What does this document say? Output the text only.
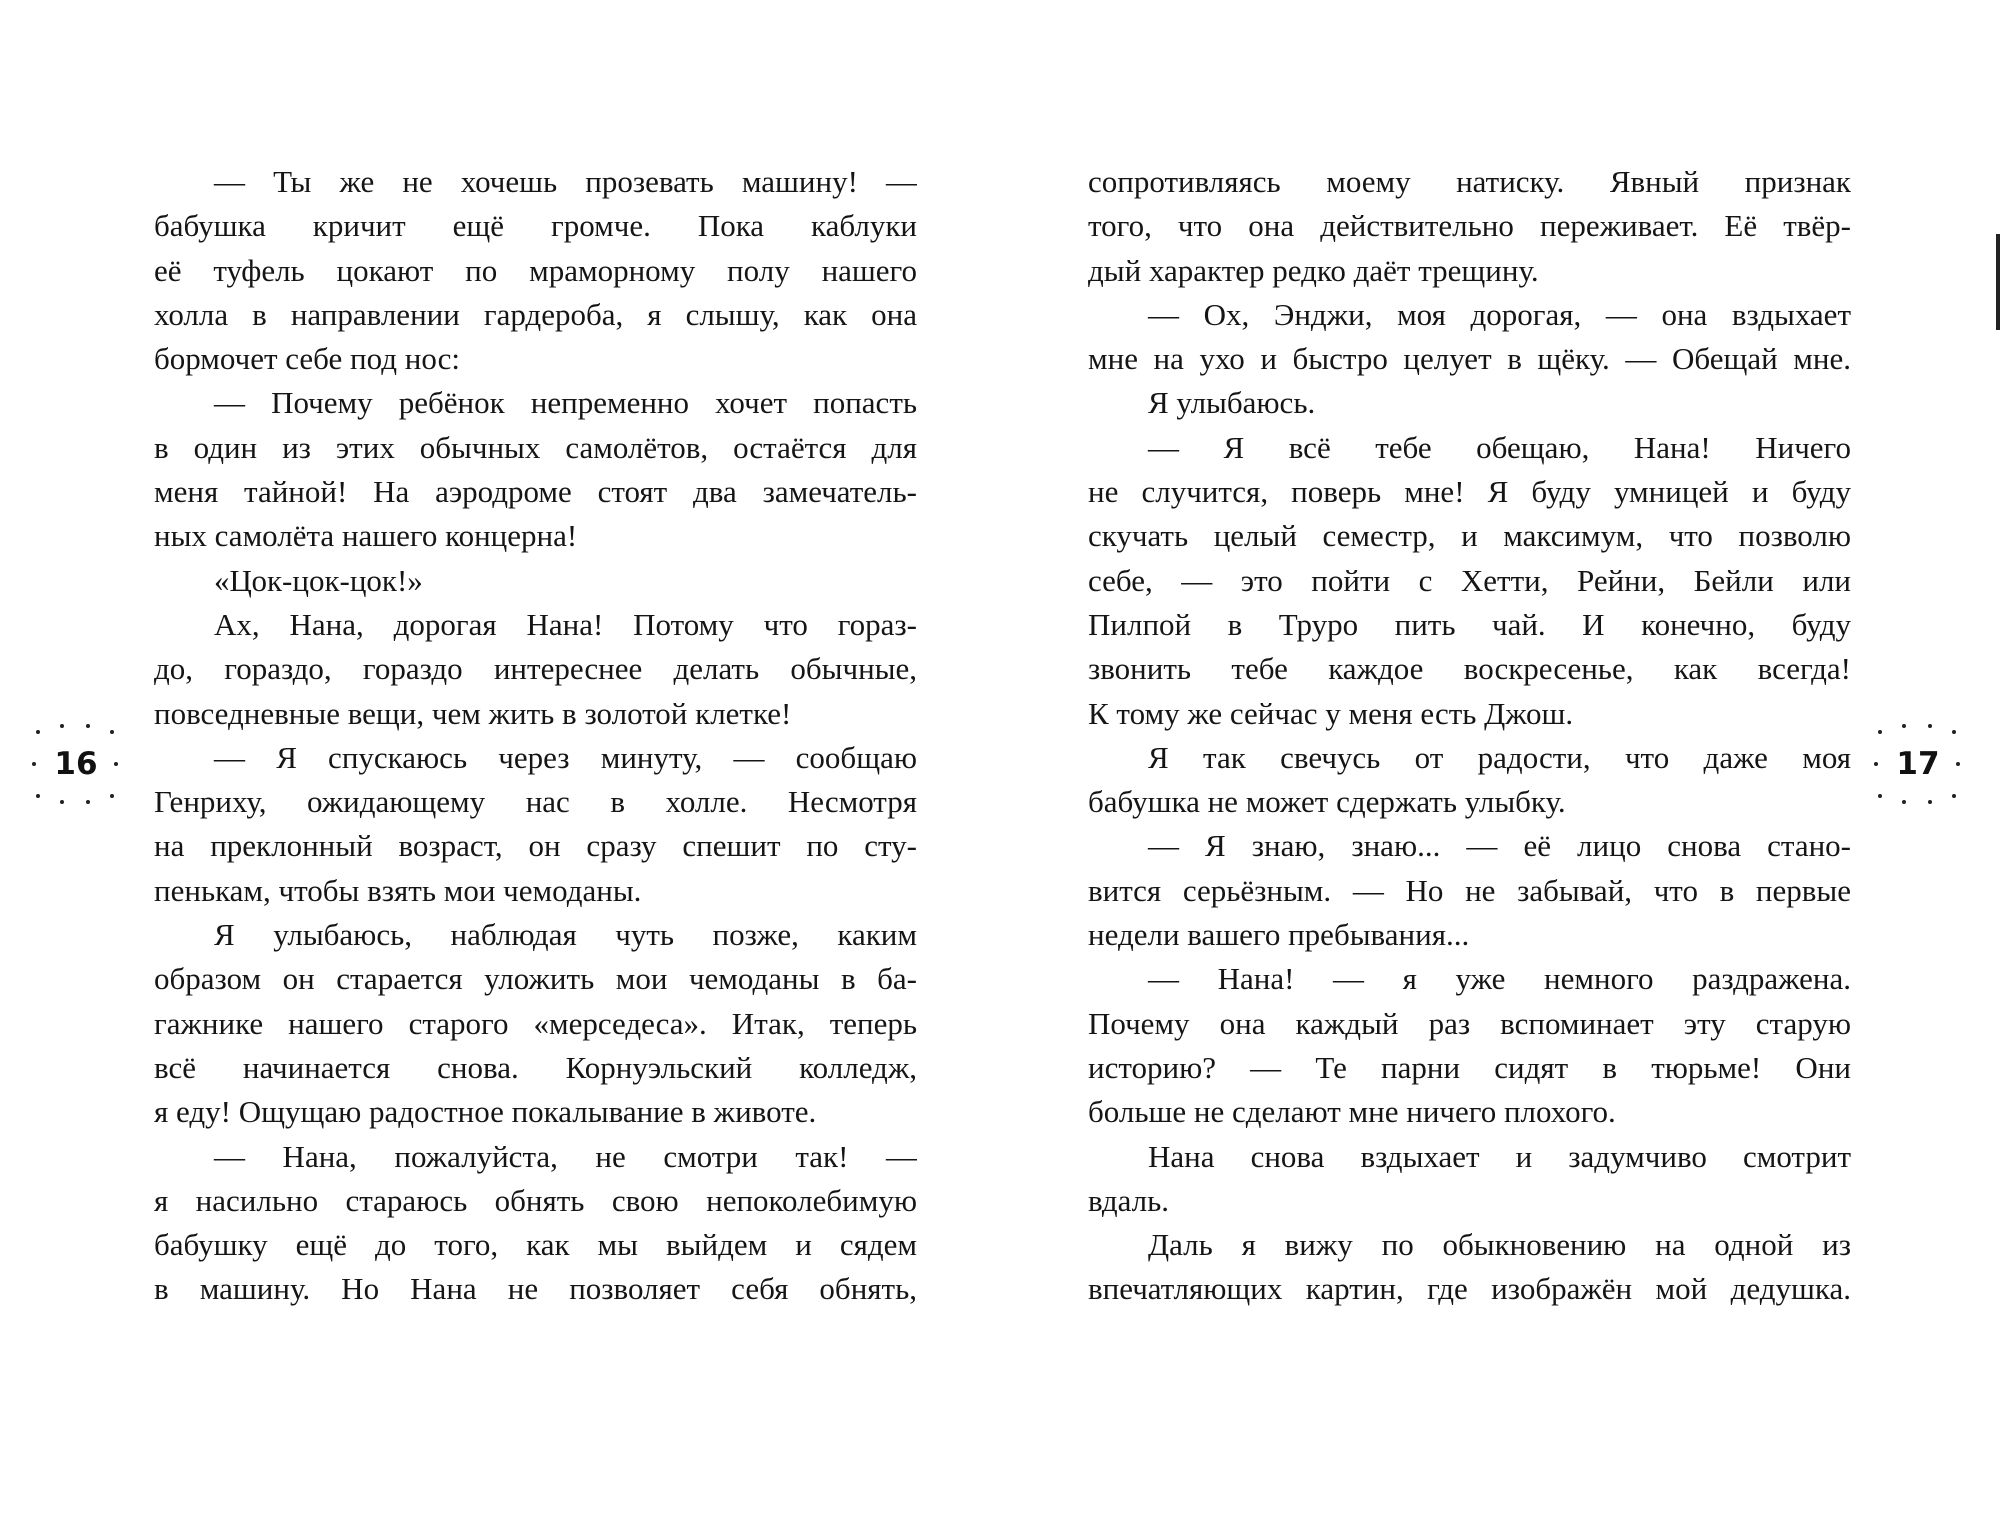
— Ты же не хочешь прозевать машину! —
бабушка кричит ещё громче. Пока каблуки
её туфель цокают по мраморному полу нашего
холла в направлении гардероба, я слышу, как она
бормочет себе под нос:
— Почему ребёнок непременно хочет попасть
в один из этих обычных самолётов, остаётся для
меня тайной! На аэродроме стоят два замечатель-
ных самолёта нашего концерна!
«Цок-цок-цок!»
Ах, Нана, дорогая Нана! Потому что гораз-
до, гораздо, гораздо интереснее делать обычные,
повседневные вещи, чем жить в золотой клетке!
— Я спускаюсь через минуту, — сообщаю
Генриху, ожидающему нас в холле. Несмотря
на преклонный возраст, он сразу спешит по сту-
пенькам, чтобы взять мои чемоданы.
Я улыбаюсь, наблюдая чуть позже, каким
образом он старается уложить мои чемоданы в ба-
гажнике нашего старого «мерседеса». Итак, теперь
всё начинается снова. Корнуэльский колледж,
я еду! Ощущаю радостное покалывание в животе.
— Нана, пожалуйста, не смотри так! —
я насильно стараюсь обнять свою непоколебимую
бабушку ещё до того, как мы выйдем и сядем
в машину. Но Нана не позволяет себя обнять,
16
сопротивляясь моему натиску. Явный признак
того, что она действительно переживает. Её твёр-
дый характер редко даёт трещину.
— Ох, Энджи, моя дорогая, — она вздыхает
мне на ухо и быстро целует в щёку. — Обещай мне.
Я улыбаюсь.
— Я всё тебе обещаю, Нана! Ничего
не случится, поверь мне! Я буду умницей и буду
скучать целый семестр, и максимум, что позволю
себе, — это пойти с Хетти, Рейни, Бейли или
Пилпой в Труро пить чай. И конечно, буду
звонить тебе каждое воскресенье, как всегда!
К тому же сейчас у меня есть Джош.
Я так свечусь от радости, что даже моя
бабушка не может сдержать улыбку.
— Я знаю, знаю... — её лицо снова стано-
вится серьёзным. — Но не забывай, что в первые
недели вашего пребывания...
— Нана! — я уже немного раздражена.
Почему она каждый раз вспоминает эту старую
историю? — Те парни сидят в тюрьме! Они
больше не сделают мне ничего плохого.
Нана снова вздыхает и задумчиво смотрит
вдаль.
Даль я вижу по обыкновению на одной из
впечатляющих картин, где изображён мой дедушка.
17
